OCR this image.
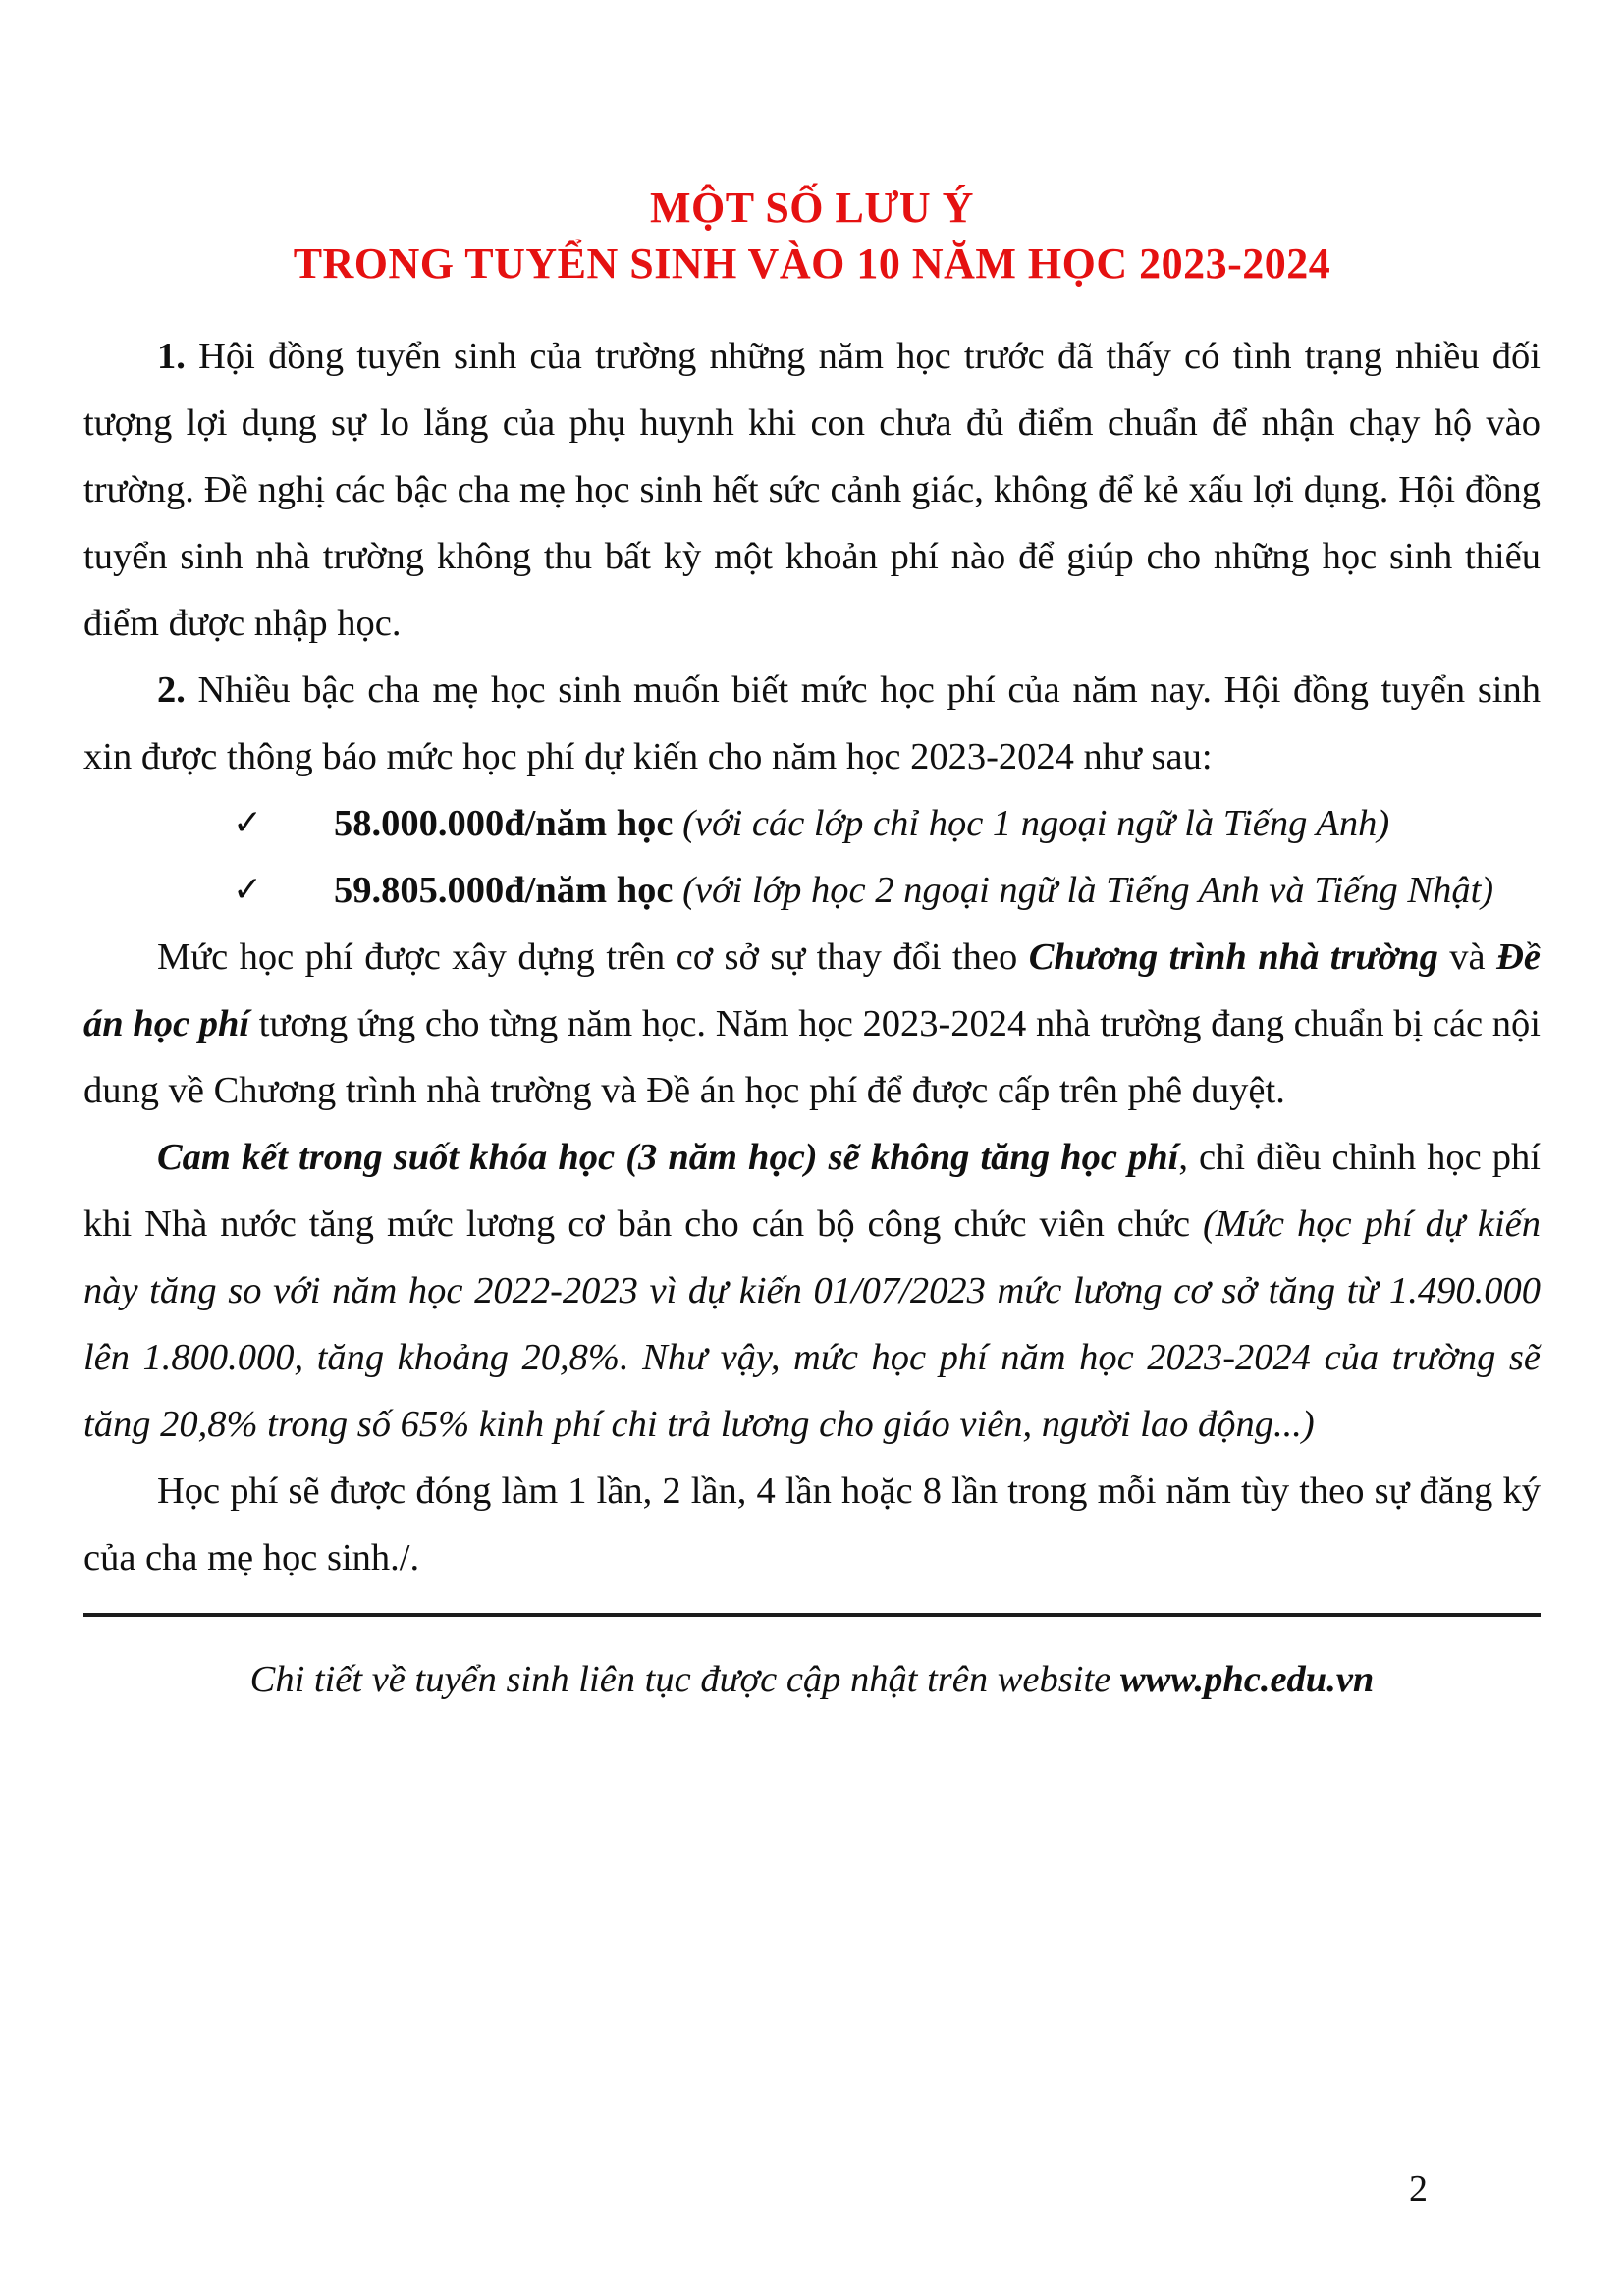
MỘT SỐ LƯU Ý
TRONG TUYỂN SINH VÀO 10 NĂM HỌC 2023-2024

1. Hội đồng tuyển sinh của trường những năm học trước đã thấy có tình trạng nhiều đối tượng lợi dụng sự lo lắng của phụ huynh khi con chưa đủ điểm chuẩn để nhận chạy hộ vào trường. Đề nghị các bậc cha mẹ học sinh hết sức cảnh giác, không để kẻ xấu lợi dụng. Hội đồng tuyển sinh nhà trường không thu bất kỳ một khoản phí nào để giúp cho những học sinh thiếu điểm được nhập học.

2. Nhiều bậc cha mẹ học sinh muốn biết mức học phí của năm nay. Hội đồng tuyển sinh xin được thông báo mức học phí dự kiến cho năm học 2023-2024 như sau:

✓ 58.000.000đ/năm học (với các lớp chỉ học 1 ngoại ngữ là Tiếng Anh)

✓ 59.805.000đ/năm học (với lớp học 2 ngoại ngữ là Tiếng Anh và Tiếng Nhật)

Mức học phí được xây dựng trên cơ sở sự thay đổi theo Chương trình nhà trường và Đề án học phí tương ứng cho từng năm học. Năm học 2023-2024 nhà trường đang chuẩn bị các nội dung về Chương trình nhà trường và Đề án học phí để được cấp trên phê duyệt.

Cam kết trong suốt khóa học (3 năm học) sẽ không tăng học phí, chỉ điều chỉnh học phí khi Nhà nước tăng mức lương cơ bản cho cán bộ công chức viên chức (Mức học phí dự kiến này tăng so với năm học 2022-2023 vì dự kiến 01/07/2023 mức lương cơ sở tăng từ 1.490.000 lên 1.800.000, tăng khoảng 20,8%. Như vậy, mức học phí năm học 2023-2024 của trường sẽ tăng 20,8% trong số 65% kinh phí chi trả lương cho giáo viên, người lao động...)

Học phí sẽ được đóng làm 1 lần, 2 lần, 4 lần hoặc 8 lần trong mỗi năm tùy theo sự đăng ký của cha mẹ học sinh./.

Chi tiết về tuyển sinh liên tục được cập nhật trên website www.phc.edu.vn

2
